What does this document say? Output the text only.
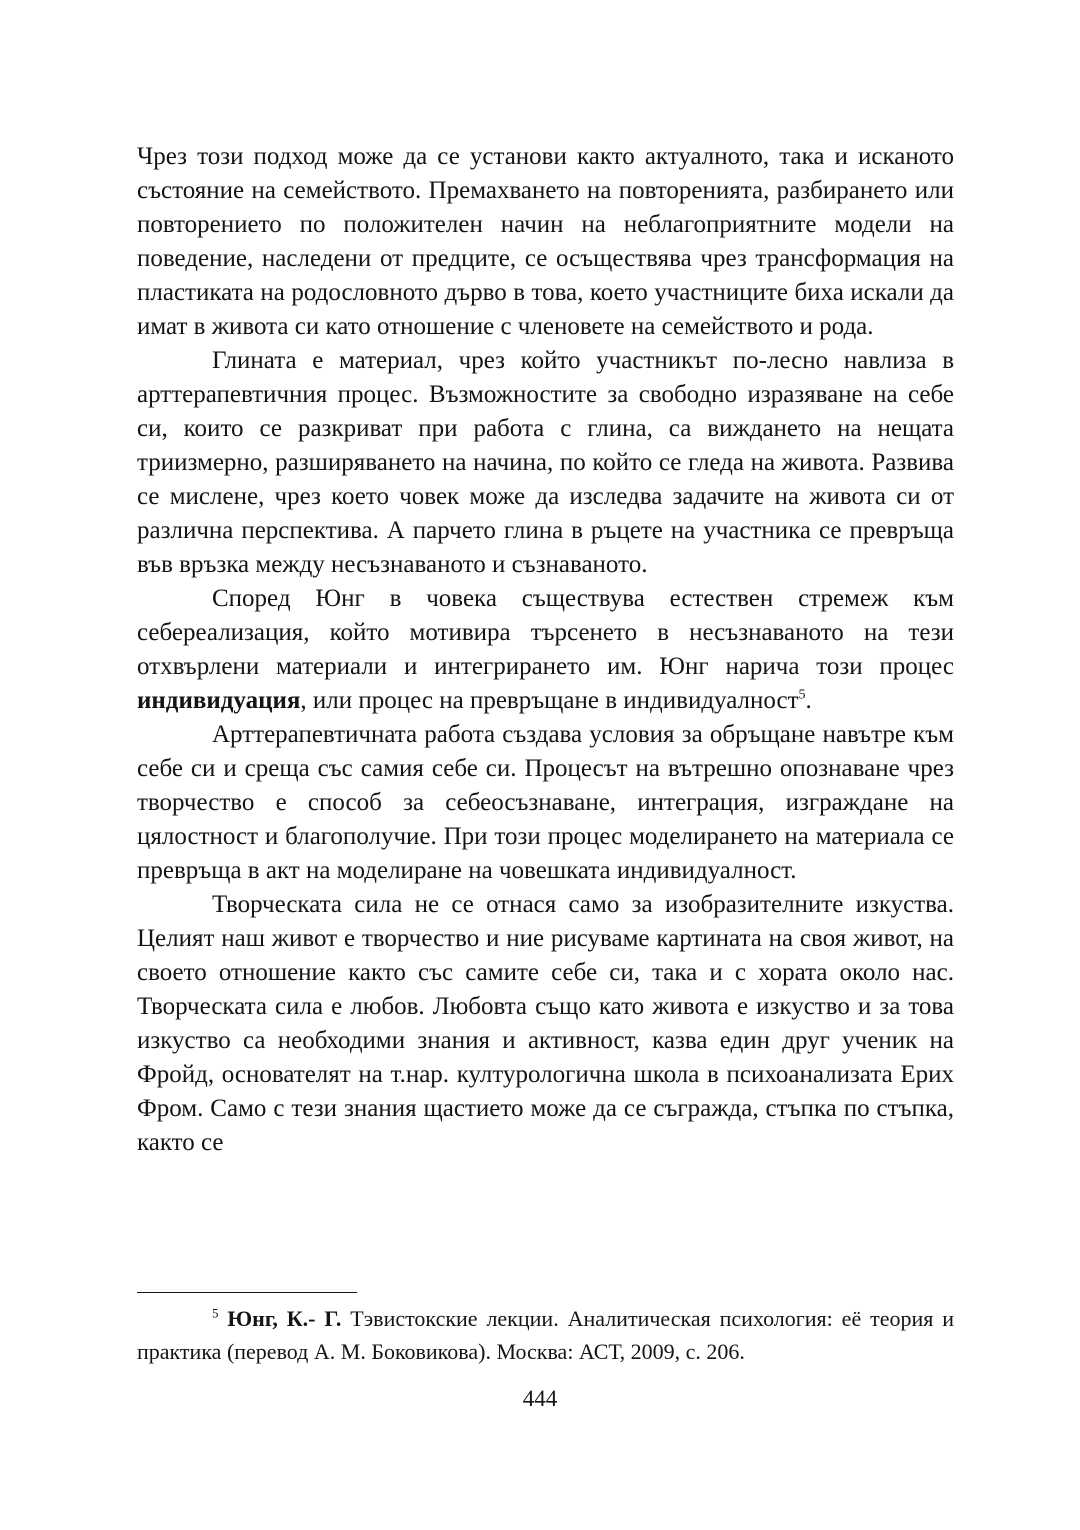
Чрез този подход може да се установи както актуалното, така и исканото състояние на семейството. Премахването на повторенията, разбирането или повторението по положителен начин на неблагоприятните модели на поведение, наследени от предците, се осъществява чрез трансформация на пластиката на родословното дърво в това, което участниците биха искали да имат в живота си като отношение с членовете на семейството и рода.

Глината е материал, чрез който участникът по-лесно навлиза в арттерапевтичния процес. Възможностите за свободно изразяване на себе си, които се разкриват при работа с глина, са виждането на нещата триизмерно, разширяването на начина, по който се гледа на живота. Развива се мислене, чрез което човек може да изследва задачите на живота си от различна перспектива. А парчето глина в ръцете на участника се превръща във връзка между несъзнаваното и съзнаваното.

Според Юнг в човека съществува естествен стремеж към себереализация, който мотивира търсенето в несъзнаваното на тези отхвърлени материали и интегрирането им. Юнг нарича този процес индивидуация, или процес на превръщане в индивидуалност$^5$.

Арттерапевтичната работа създава условия за обръщане навътре към себе си и среща със самия себе си. Процесът на вътрешно опознаване чрез творчество е способ за себеосъзнаване, интеграция, изграждане на цялостност и благополучие. При този процес моделирането на материала се превръща в акт на моделиране на човешката индивидуалност.

Творческата сила не се отнася само за изобразителните изкуства. Целият наш живот е творчество и ние рисуваме картината на своя живот, на своето отношение както със самите себе си, така и с хората около нас. Творческата сила е любов. Любовта също като живота е изкуство и за това изкуство са необходими знания и активност, казва един друг ученик на Фройд, основателят на т.нар. културологична школа в психоанализата Ерих Фром. Само с тези знания щастието може да се съгражда, стъпка по стъпка, както се

$^5$ Юнг, К.- Г. Тэвистокские лекции. Аналитическая психология: её теория и практика (перевод А. М. Боковикова). Москва: АСТ, 2009, с. 206.
444
